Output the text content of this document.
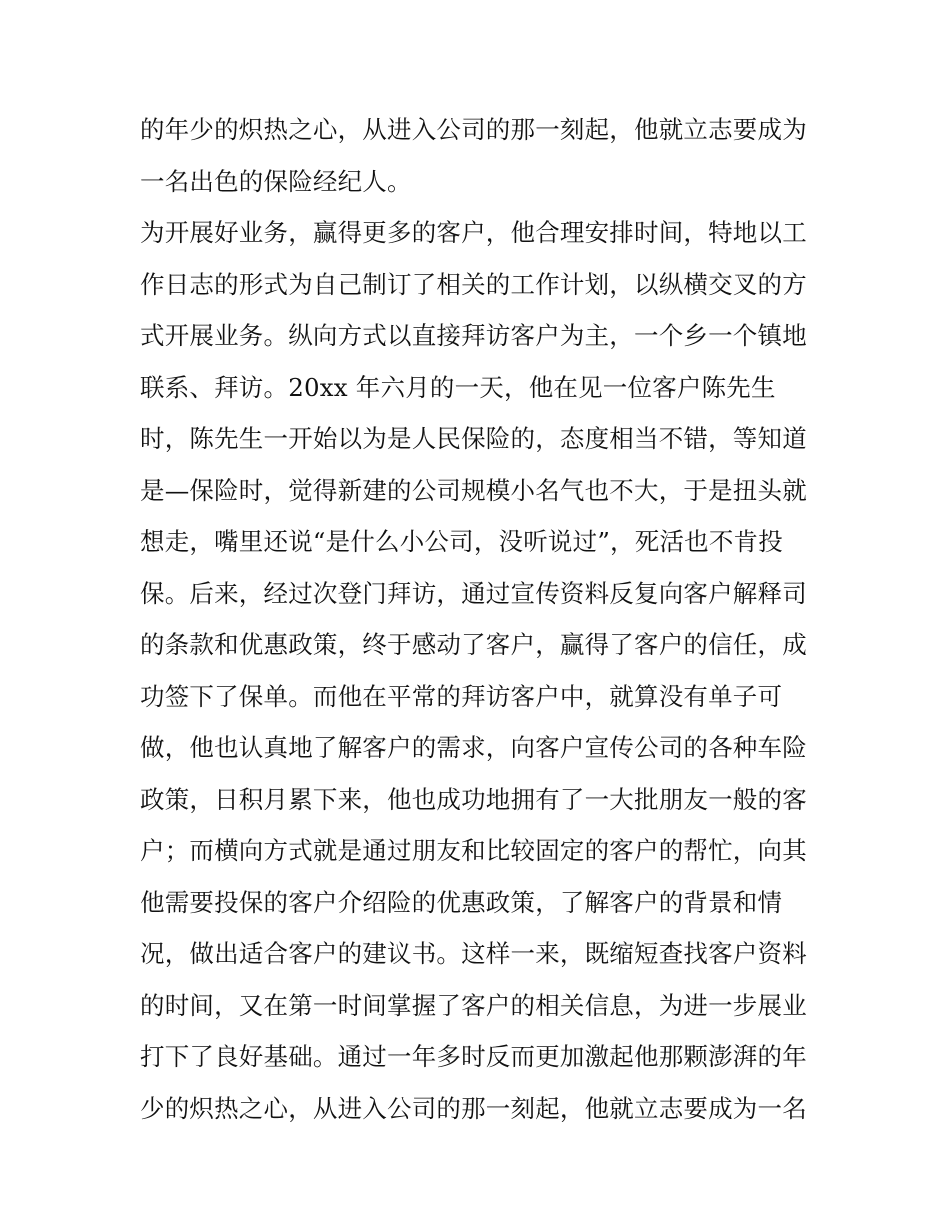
的年少的炽热之心，从进入公司的那一刻起，他就立志要成为
一名出色的保险经纪人。
为开展好业务，赢得更多的客户，他合理安排时间，特地以工
作日志的形式为自己制订了相关的工作计划，以纵横交叉的方
式开展业务。纵向方式以直接拜访客户为主，一个乡一个镇地
联系、拜访。20xx 年六月的一天，他在见一位客户陈先生
时，陈先生一开始以为是人民保险的，态度相当不错，等知道
是—保险时，觉得新建的公司规模小名气也不大，于是扭头就
想走，嘴里还说“是什么小公司，没听说过”，死活也不肯投
保。后来，经过次登门拜访，通过宣传资料反复向客户解释司
的条款和优惠政策，终于感动了客户，赢得了客户的信任，成
功签下了保单。而他在平常的拜访客户中，就算没有单子可
做，他也认真地了解客户的需求，向客户宣传公司的各种车险
政策，日积月累下来，他也成功地拥有了一大批朋友一般的客
户；而横向方式就是通过朋友和比较固定的客户的帮忙，向其
他需要投保的客户介绍险的优惠政策，了解客户的背景和情
况，做出适合客户的建议书。这样一来，既缩短查找客户资料
的时间，又在第一时间掌握了客户的相关信息，为进一步展业
打下了良好基础。通过一年多时反而更加激起他那颗澎湃的年
少的炽热之心，从进入公司的那一刻起，他就立志要成为一名
